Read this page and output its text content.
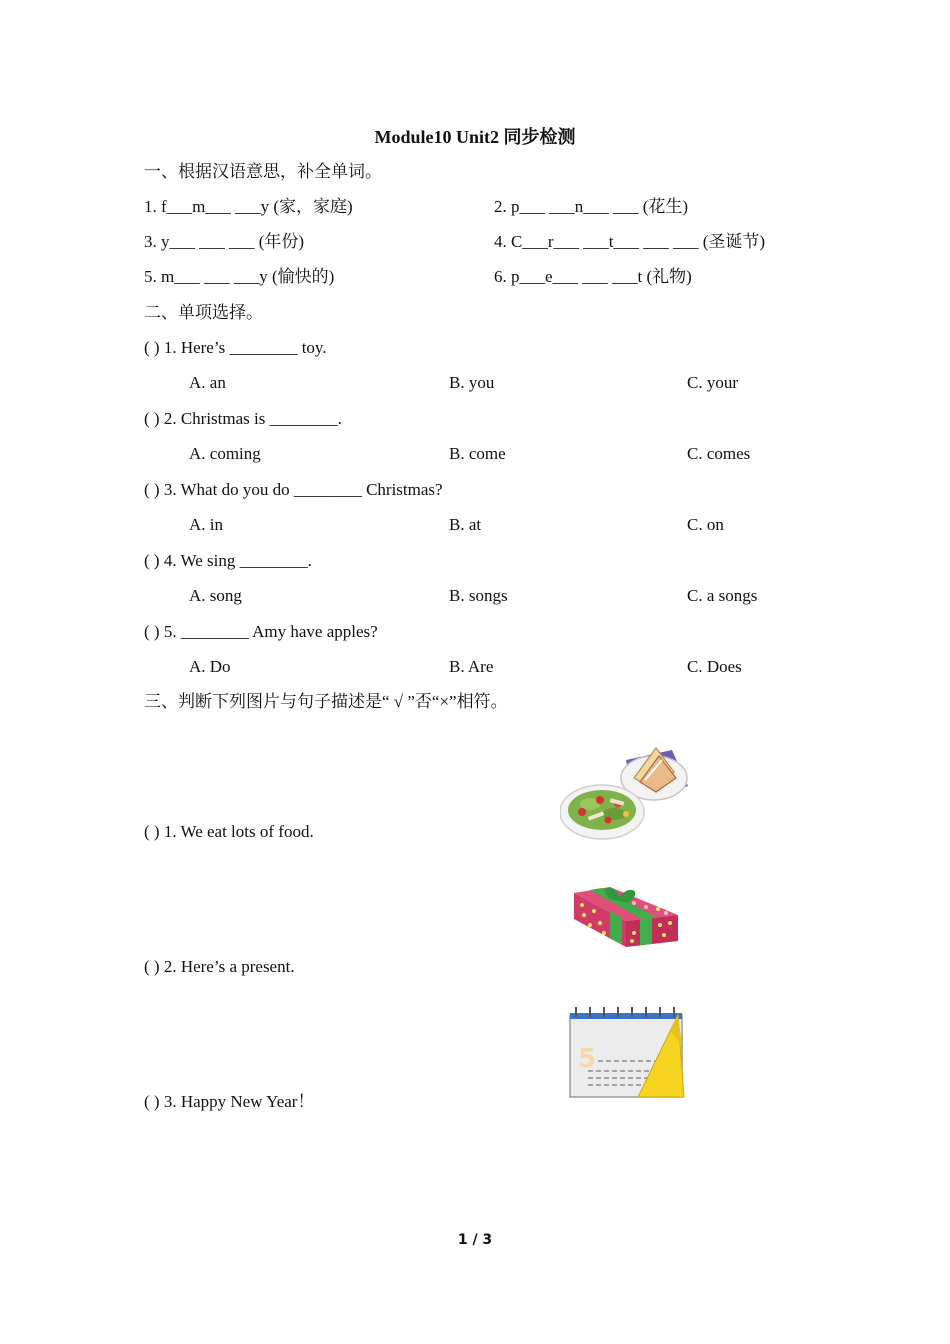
Module10 Unit2 同步检测
一、根据汉语意思，补全单词。
1. f___m___ ___y (家，家庭)	2. p___ ___n___ ___ (花生)
3. y___ ___ ___ (年份)	4. C___r___ ___t___ ___ ___ (圣诞节)
5. m___ ___ ___y (愉快的)	6. p___e___ ___ ___t (礼物)
二、单项选择。
( ) 1. Here’s ________ toy.
A. an	B. you	C. your
( ) 2. Christmas is ________.
A. coming	B. come	C. comes
( ) 3. What do you do ________ Christmas?
A. in	B. at	C. on
( ) 4. We sing ________.
A. song	B. songs	C. a songs
( ) 5. ________ Amy have apples?
A. Do	B. Are	C. Does
三、判断下列图片与句子描述是“ √ ”否“×”相符。
( ) 1. We eat lots of food.
( ) 2. Here’s a present.
( ) 3. Happy New Year！
5
1 / 3
